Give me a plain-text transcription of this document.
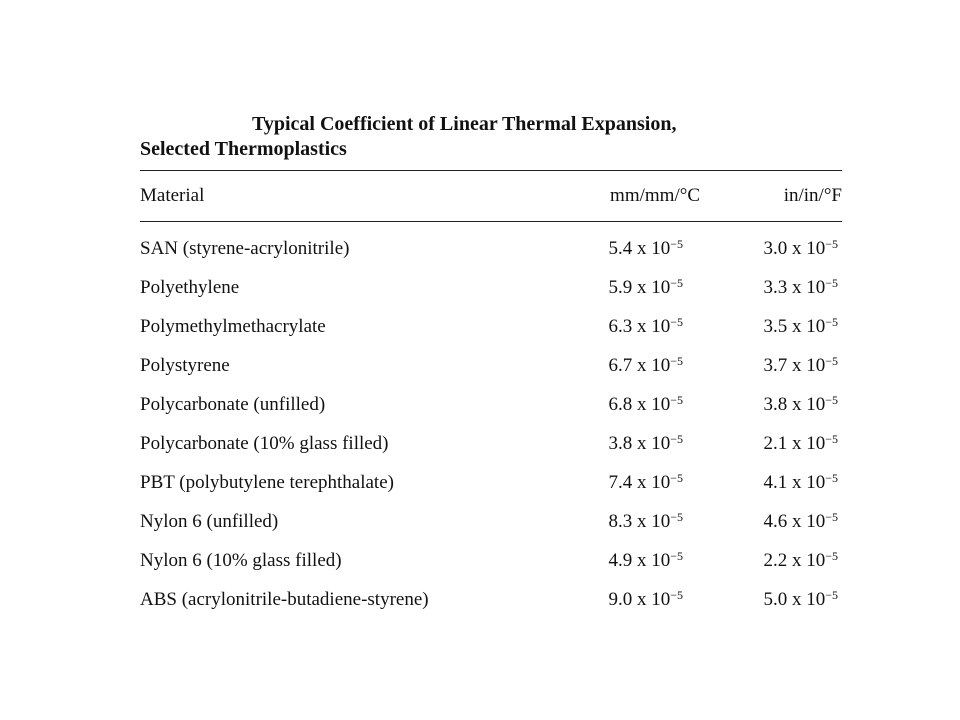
Typical Coefficient of Linear Thermal Expansion,
Selected Thermoplastics
Material	mm/mm/°C	in/in/°F
SAN (styrene-acrylonitrile)	5.4 x $10^{-5}$	3.0 x $10^{-5}$
Polyethylene	5.9 x $10^{-5}$	3.3 x $10^{-5}$
Polymethylmethacrylate	6.3 x $10^{-5}$	3.5 x $10^{-5}$
Polystyrene	6.7 x $10^{-5}$	3.7 x $10^{-5}$
Polycarbonate (unfilled)	6.8 x $10^{-5}$	3.8 x $10^{-5}$
Polycarbonate (10% glass filled)	3.8 x $10^{-5}$	2.1 x $10^{-5}$
PBT (polybutylene terephthalate)	7.4 x $10^{-5}$	4.1 x $10^{-5}$
Nylon 6 (unfilled)	8.3 x $10^{-5}$	4.6 x $10^{-5}$
Nylon 6 (10% glass filled)	4.9 x $10^{-5}$	2.2 x $10^{-5}$
ABS (acrylonitrile-butadiene-styrene)	9.0 x $10^{-5}$	5.0 x $10^{-5}$
